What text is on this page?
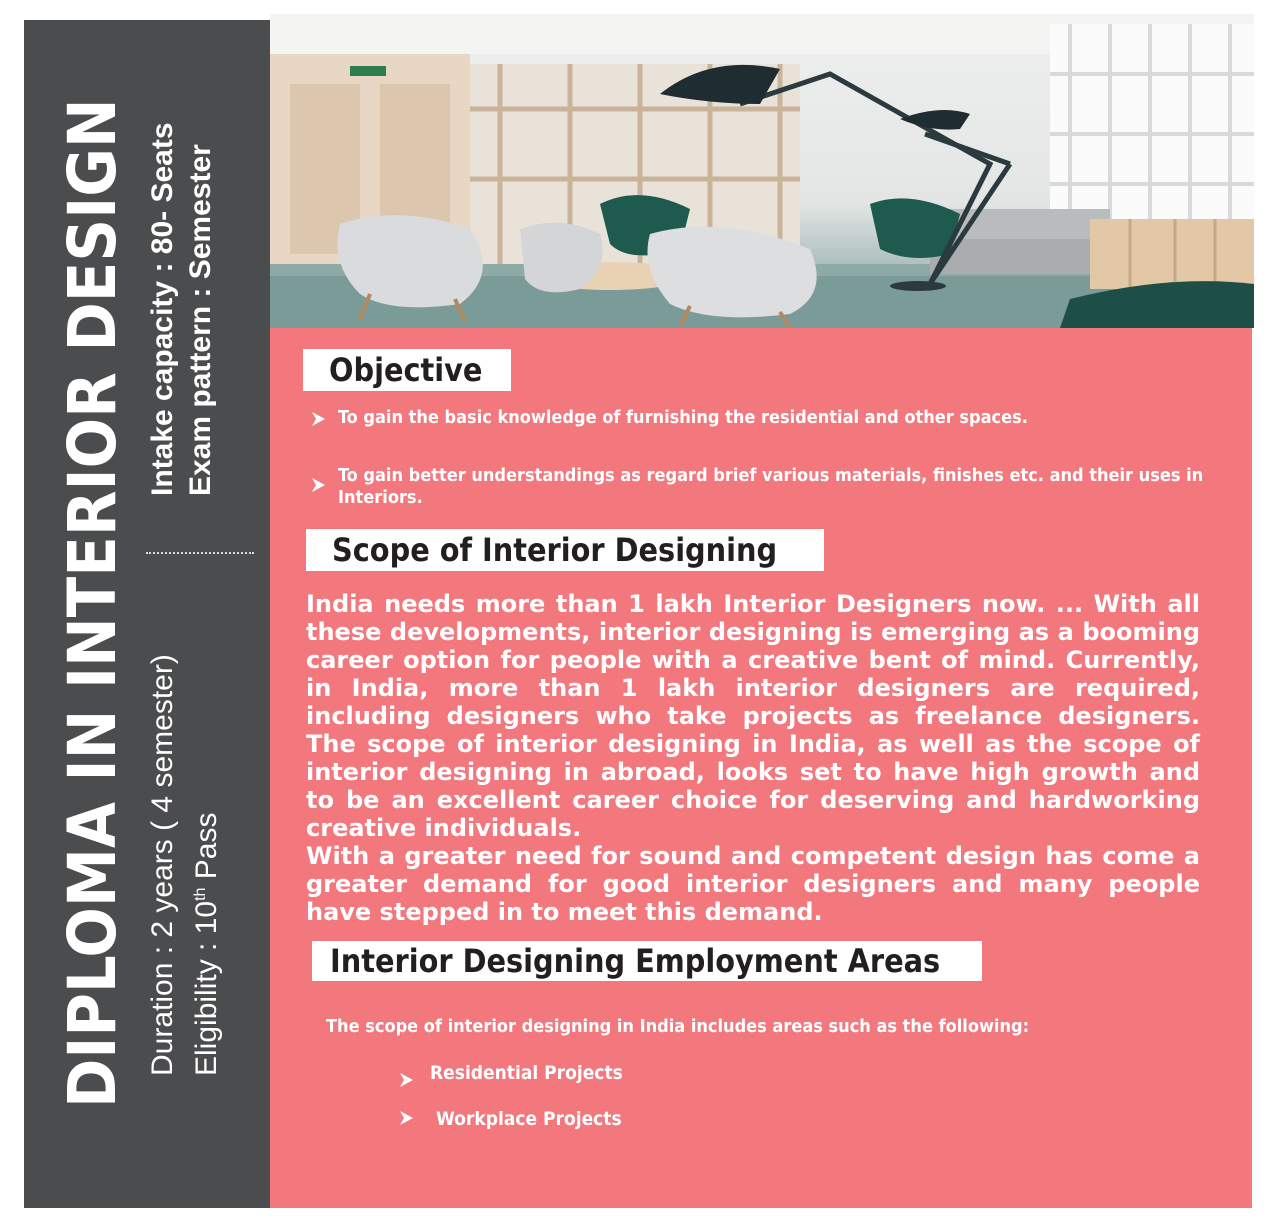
DIPLOMA IN INTERIOR DESIGN Duration : 2 years ( 4 semester) Eligibility : 10th Pass
Intake capacity : 80- Seats Exam pattern : Semester	Objective
To gain the basic knowledge of furnishing the residential and other spaces.
To gain better understandings as regard brief various materials, finishes etc. and their uses in Interiors.
Scope of Interior Designing

India needs more than 1 lakh Interior Designers now. ... With all these developments, interior designing is emerging as a booming career option for people with a creative bent of mind. Currently, in India, more than 1 lakh interior designers are required, including designers who take projects as freelance designers. The scope of interior designing in India, as well as the scope of interior designing in abroad, looks set to have high growth and to be an excellent career choice for deserving and hardworking creative individuals.

With a greater need for sound and competent design has come a greater demand for good interior designers and many people have stepped in to meet this demand.

Interior Designing Employment Areas
The scope of interior designing in India includes areas such as the following:
Residential Projects
Workplace Projects
